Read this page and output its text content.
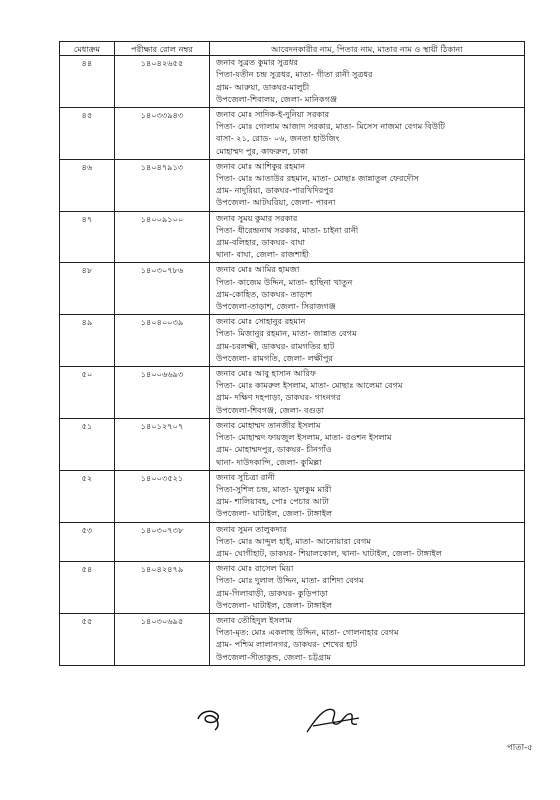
মেধাক্রম	পরীক্ষার রোল নম্বর	আবেদনকারীর নাম, পিতার নাম, মাতার নাম ও স্থায়ী ঠিকানা
৪৪	১৪০৪২৬৫৫	জনাব সুব্রত কুমার সুত্রধর
পিতা-যতীন চন্দ্র সুত্রধর, মাতা- গীতা রানী সুত্রধর
গ্রাম- আরুয়া, ডাকঘর-মালুচী
উপজেলা-শিবালয়, জেলা- মানিকগঞ্জ

৪৫	১৪০৩৩৯৪৩	জনাব মোঃ সাদিক-ই-দুনিয়া সরকার
পিতা- মোঃ গোলাম আজাদ সরকার, মাতা- মিসেস নাজমা বেগম বিউটি
বাসা- ২১, রোড- ০৬, জনতা হাউজিং
মোহাম্মদ পুর, কাফরুল, ঢাকা

৪৬	১৪০৪৭৯১৩	জনাব মোঃ আশিকুর রহমান
পিতা- মোঃ আতাউর রহমান, মাতা- মোছাঃ জান্নাতুল ফেরদৌস
গ্রাম- নাদুরিয়া, ডাকঘর-পারখিদিরপুর
উপজেলা- আটঘরিয়া, জেলা- পাবনা

৪৭	১৪০০৯১০০	জনাব সুময় কুমার সরকার
পিতা- ধীরেন্দ্রনাথ সরকার, মাতা- চাইনা রানী
গ্রাম-বলিহার, ডাকঘর- বাঘা
থানা- বাঘা, জেলা- রাজশাহী

৪৮	১৪০৩০৭৮৬	জনাব মোঃ আমির হামজা
পিতা- কাজেম উদ্দিন, মাতা- হাছিনা খাতুন
গ্রাম-কোহিত, ডাকঘর- তাড়াশ
উপজেলা-তাড়াশ, জেলা- সিরাজগঞ্জ

৪৯	১৪০৪০০৩৯	জনাব মোঃ সোহানুর রহমান
পিতা- মিজানুর রহমান, মাতা- জান্নাত বেগম
গ্রাম-চরলক্ষ্মী, ডাকঘর- রামগতির হাট
উপজেলা- রামগতি, জেলা- লক্ষীপুর

৫০	১৪০০৬৬৯৩	জনাব মোঃ আবু হাসান আরিফ
পিতা- মোঃ কামরুল ইসলাম, মাতা- মোছাঃ আলেমা বেগম
গ্রাম- দক্ষিণ দহপাড়া, ডাকঘর- গাংনগর
উপজেলা-শিবগঞ্জ, জেলা- বগুড়া

৫১	১৪০১২৭০৭	জনাব মোহাম্মদ তানজীর ইসলাম
পিতা- মোহাম্মদ ফায়জুল ইসলাম, মাতা- রওশন ইসলাম
গ্রাম- মোহাম্মদপুর, ডাকঘর- চীনগাঁও
থানা- দাউদকান্দি, জেলা- কুমিল্লা

৫২	১৪০০৩৫২১	জনাব সুচিত্রা রানী
পিতা-সুশিল চন্দ্র, মাতা- যুলকুম মারী
গ্রাম- শালিয়াবহ, পোঃ পেচার আটা
উপজেলা- ঘাটাইল, জেলা- টাঙ্গাইল

৫৩	১৪০৩০৭৩৮	জনাব সুমন তালুকদার
পিতা- মোঃ আব্দুল হাই, মাতা- আনোয়ারা বেগম
গ্রাম- ঘোগীহাট, ডাকঘর- শিয়ালকোল, থানা- ঘাটাইল, জেলা- টাঙ্গাইল

৫৪	১৪০৪২৪৭৯	জনাব মোঃ রাসেল মিয়া
পিতা- মোঃ দুলাল উদ্দিন, মাতা- রাশিদা বেগম
গ্রাম-গিলাবাড়ী, ডাকঘর- কুড়িপাড়া
উপজেলা- ঘাটাইল, জেলা- টাঙ্গাইল

৫৫	১৪০৩০৬৯৫	জনাব তৌহিদুল ইসলাম
পিতা-মৃত: মোঃ একলাছ উদ্দিন, মাতা- গোলনাহার বেগম
গ্রাম- পশ্চিম লালানগর, ডাকঘর- শেখের হাট
উপজেলা-সীতাকুন্ড, জেলা- চট্টগ্রাম
পাতা-৫
